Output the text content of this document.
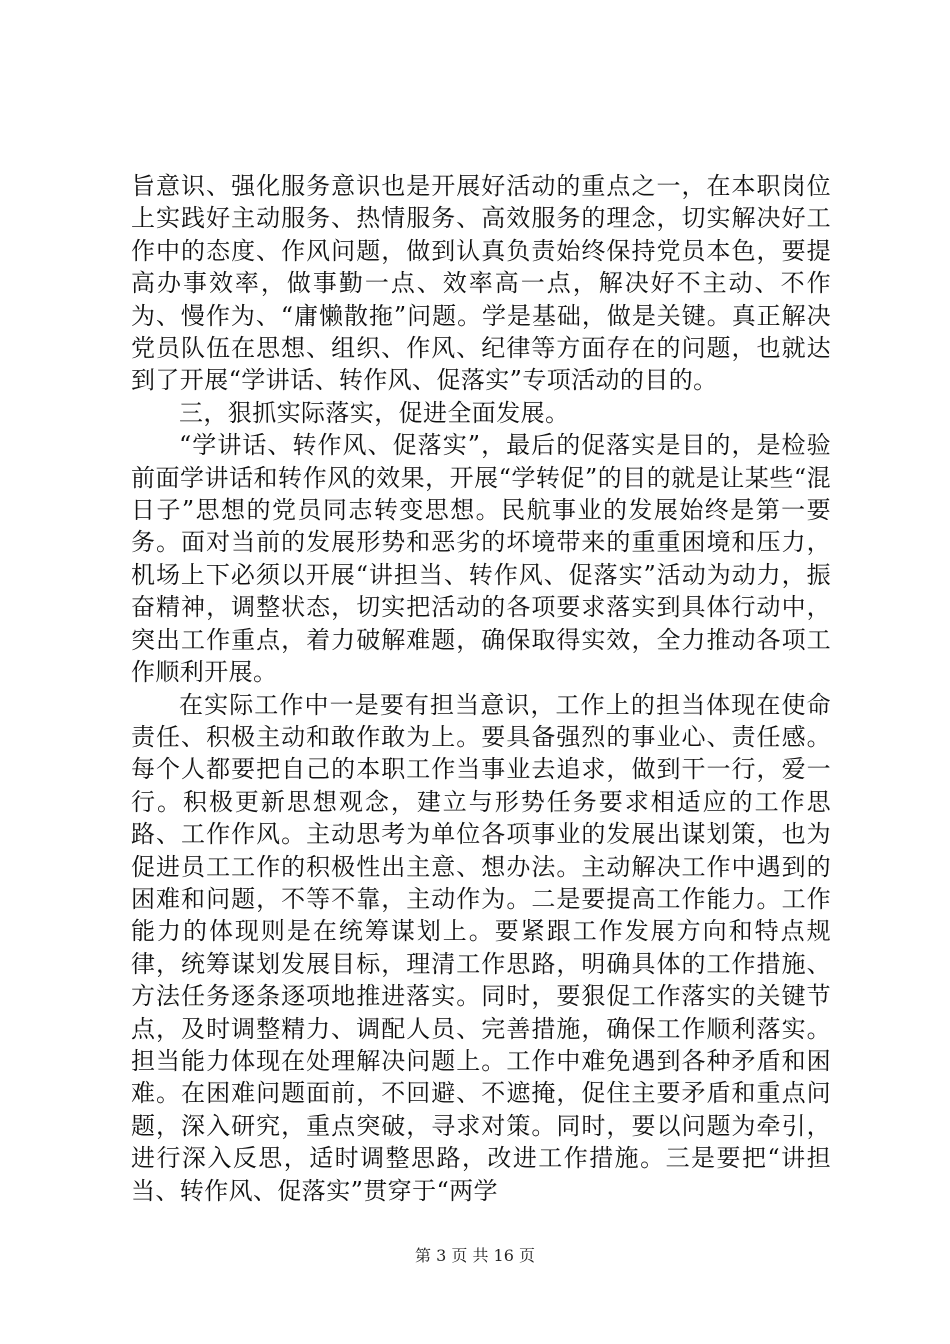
旨意识、强化服务意识也是开展好活动的重点之一，在本职岗位上实践好主动服务、热情服务、高效服务的理念，切实解决好工作中的态度、作风问题，做到认真负责始终保持党员本色，要提高办事效率，做事勤一点、效率高一点，解决好不主动、不作为、慢作为、“庸懒散拖”问题。学是基础，做是关键。真正解决党员队伍在思想、组织、作风、纪律等方面存在的问题，也就达到了开展“学讲话、转作风、促落实”专项活动的目的。

三，狠抓实际落实，促进全面发展。

“学讲话、转作风、促落实”，最后的促落实是目的，是检验前面学讲话和转作风的效果，开展“学转促”的目的就是让某些“混日子”思想的党员同志转变思想。民航事业的发展始终是第一要务。面对当前的发展形势和恶劣的坏境带来的重重困境和压力，机场上下必须以开展“讲担当、转作风、促落实”活动为动力，振奋精神，调整状态，切实把活动的各项要求落实到具体行动中，突出工作重点，着力破解难题，确保取得实效，全力推动各项工作顺利开展。

在实际工作中一是要有担当意识，工作上的担当体现在使命责任、积极主动和敢作敢为上。要具备强烈的事业心、责任感。每个人都要把自己的本职工作当事业去追求，做到干一行，爱一行。积极更新思想观念，建立与形势任务要求相适应的工作思路、工作作风。主动思考为单位各项事业的发展出谋划策，也为促进员工工作的积极性出主意、想办法。主动解决工作中遇到的困难和问题，不等不靠，主动作为。二是要提高工作能力。工作能力的体现则是在统筹谋划上。要紧跟工作发展方向和特点规律，统筹谋划发展目标，理清工作思路，明确具体的工作措施、方法任务逐条逐项地推进落实。同时，要狠促工作落实的关键节点，及时调整精力、调配人员、完善措施，确保工作顺利落实。担当能力体现在处理解决问题上。工作中难免遇到各种矛盾和困难。在困难问题面前，不回避、不遮掩，促住主要矛盾和重点问题，深入研究，重点突破，寻求对策。同时，要以问题为牵引，进行深入反思，适时调整思路，改进工作措施。三是要把“讲担当、转作风、促落实”贯穿于“两学

第 3 页 共 16 页
